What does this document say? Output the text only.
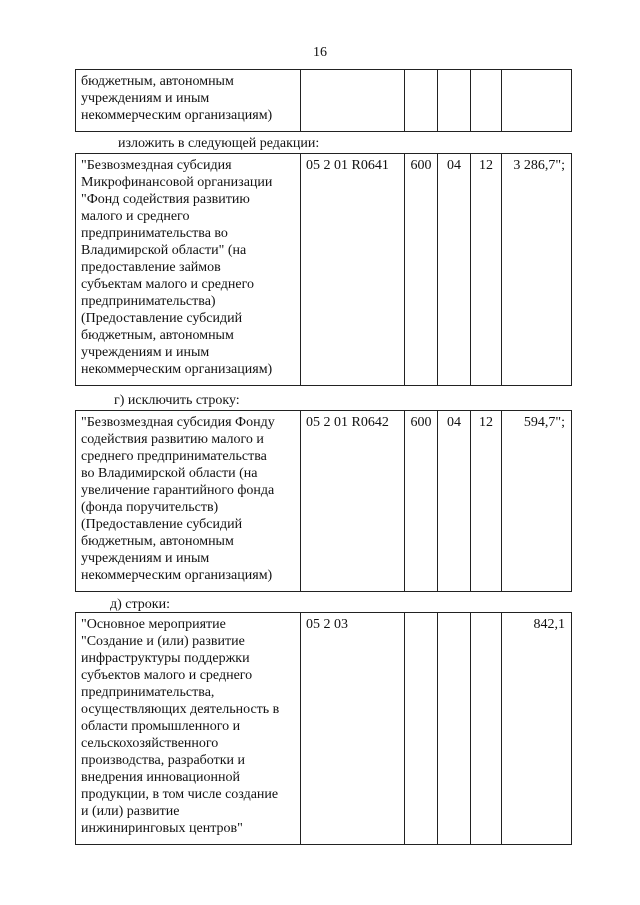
16
бюджетным, автономным
учреждениям и иным
некоммерческим организациям)

изложить в следующей редакции:
"Безвозмездная субсидия
Микрофинансовой организации
"Фонд содействия развитию
малого и среднего
предпринимательства во
Владимирской области" (на
предоставление займов
субъектам малого и среднего
предпринимательства)
(Предоставление субсидий
бюджетным, автономным
учреждениям и иным
некоммерческим организациям)
	05 2 01 R0641	600	04	12	3 286,7";
г) исключить строку:
"Безвозмездная субсидия Фонду
содействия развитию малого и
среднего предпринимательства
во Владимирской области (на
увеличение гарантийного фонда
(фонда поручительств)
(Предоставление субсидий
бюджетным, автономным
учреждениям и иным
некоммерческим организациям)
	05 2 01 R0642	600	04	12	594,7";
д) строки:
"Основное мероприятие
"Создание и (или) развитие
инфраструктуры поддержки
субъектов малого и среднего
предпринимательства,
осуществляющих деятельность в
области промышленного и
сельскохозяйственного
производства, разработки и
внедрения инновационной
продукции, в том числе создание
и (или) развитие
инжиниринговых центров"
	05 2 03				842,1
